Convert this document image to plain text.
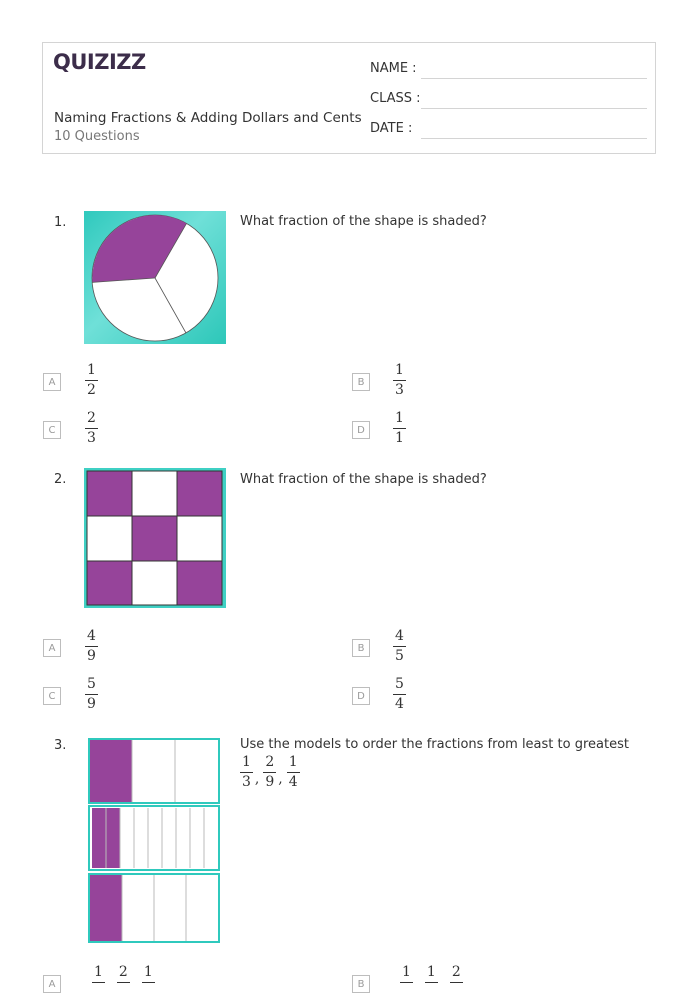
QUIZIZZ
Naming Fractions & Adding Dollars and Cents
10 Questions
NAME :
CLASS :
DATE :
1.	What fraction of the shape is shaded?
A	$\frac{1}{2}$	B	$\frac{1}{3}$
C	$\frac{2}{3}$	D	$\frac{1}{1}$
2.	What fraction of the shape is shaded?
A	$\frac{4}{9}$	B	$\frac{4}{5}$
C	$\frac{5}{9}$	D	$\frac{5}{4}$
3.	Use the models to order the fractions from least to greatest
$\frac{1}{3}$ , $\frac{2}{9}$ , $\frac{1}{4}$
A
1 2 1
B
1 1 2
